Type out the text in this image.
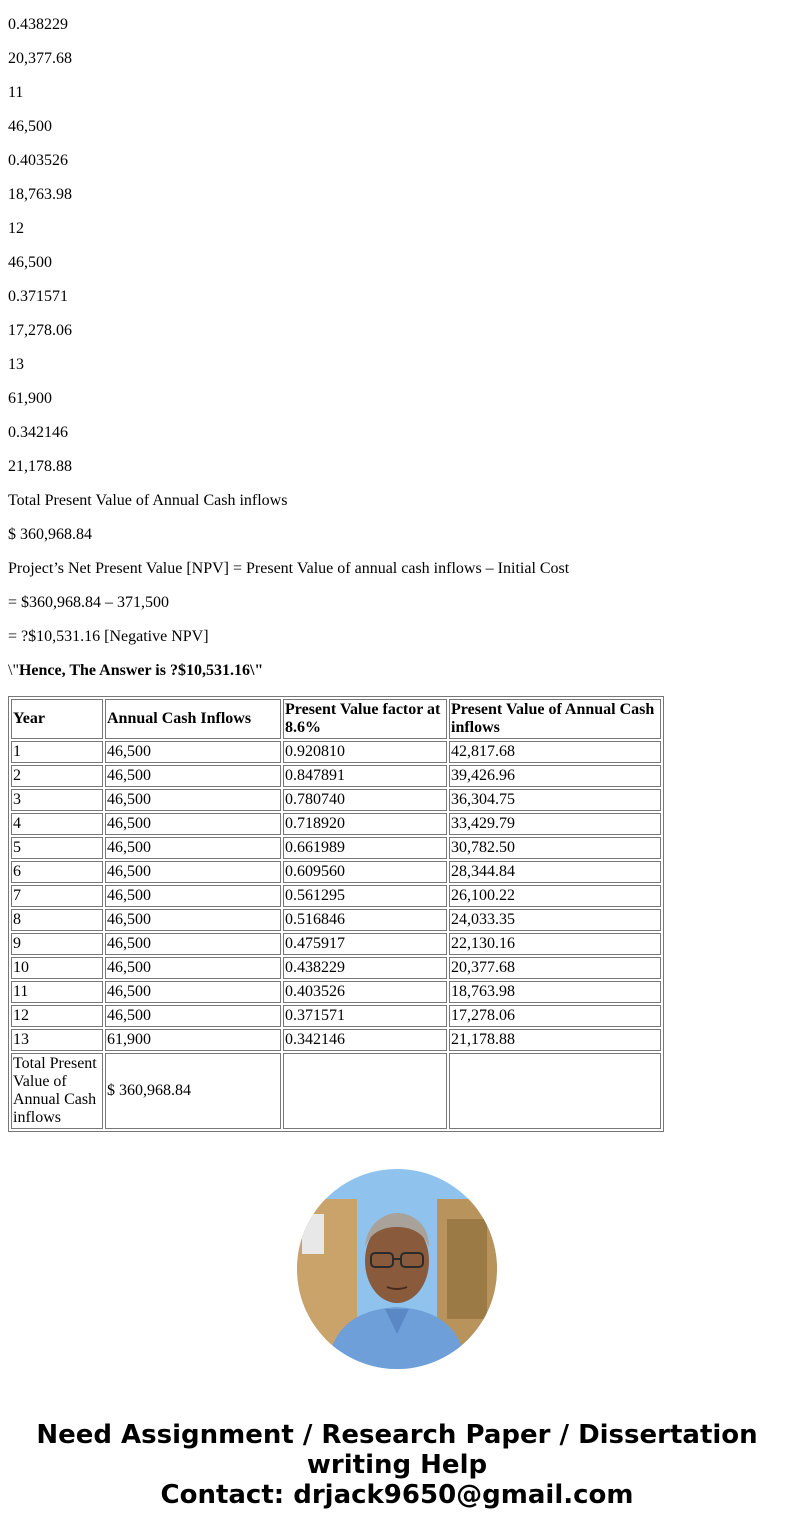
0.438229

20,377.68

11

46,500

0.403526

18,763.98

12

46,500

0.371571

17,278.06

13

61,900

0.342146

21,178.88

Total Present Value of Annual Cash inflows

$ 360,968.84

Project’s Net Present Value [NPV] = Present Value of annual cash inflows – Initial Cost

= $360,968.84 – 371,500

= ?$10,531.16 [Negative NPV]

\"Hence, The Answer is ?$10,531.16\"

Year	Annual Cash Inflows	Present Value factor at 8.6%	Present Value of Annual Cash inflows
1	46,500	0.920810	42,817.68
2	46,500	0.847891	39,426.96
3	46,500	0.780740	36,304.75
4	46,500	0.718920	33,429.79
5	46,500	0.661989	30,782.50
6	46,500	0.609560	28,344.84
7	46,500	0.561295	26,100.22
8	46,500	0.516846	24,033.35
9	46,500	0.475917	22,130.16
10	46,500	0.438229	20,377.68
11	46,500	0.403526	18,763.98
12	46,500	0.371571	17,278.06
13	61,900	0.342146	21,178.88
Total Present Value of Annual Cash inflows	$ 360,968.84		
Need Assignment / Research Paper / Dissertation writing Help
Contact: drjack9650@gmail.com
